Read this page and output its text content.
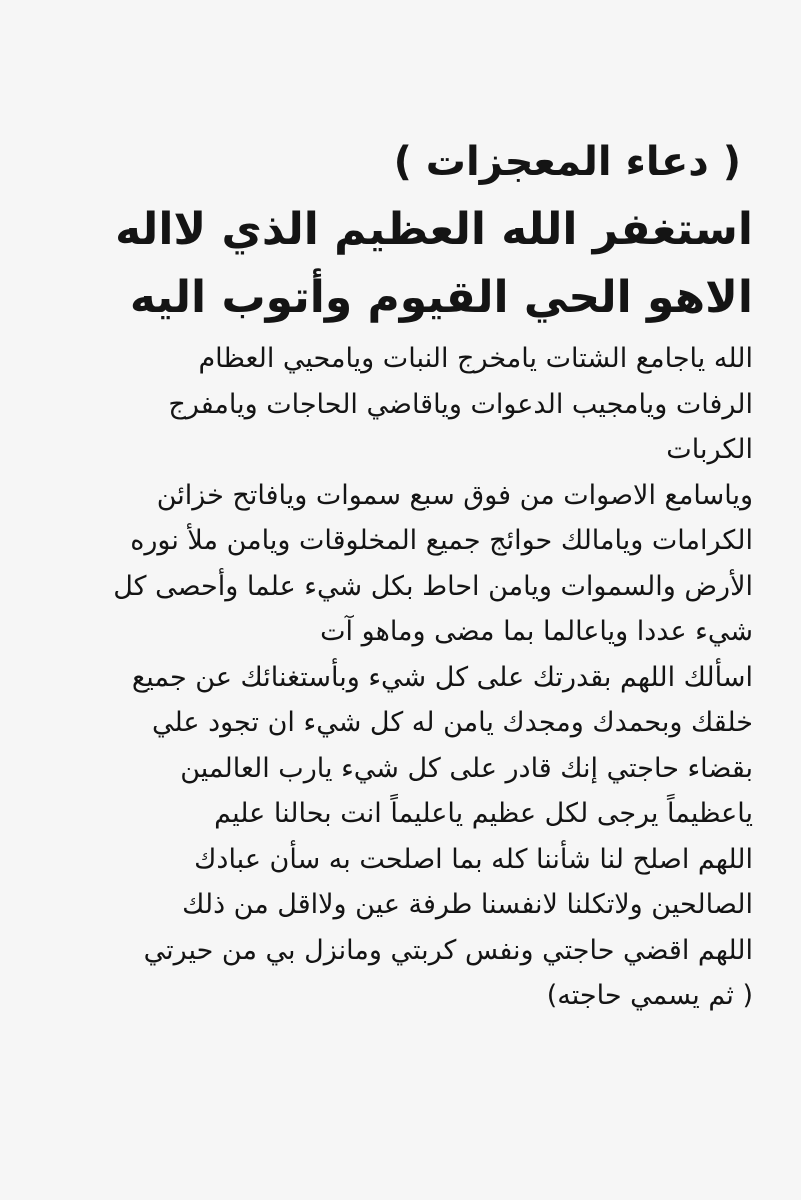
( دعاء المعجزات )
استغفر الله العظيم الذي لااله
الاهو الحي القيوم وأتوب اليه
الله ياجامع الشتات يامخرج النبات ويامحيي العظام
الرفات ويامجيب الدعوات وياقاضي الحاجات ويامفرج
الكربات
وياسامع الاصوات من فوق سبع سموات ويافاتح خزائن
الكرامات ويامالك حوائج جميع المخلوقات ويامن ملأ نوره
الأرض والسموات ويامن احاط بكل شيء علما وأحصى كل
شيء عددا وياعالما بما مضى وماهو آت
اسألك اللهم بقدرتك على كل شيء وبأستغنائك عن جميع
خلقك وبحمدك ومجدك يامن له كل شيء ان تجود علي
بقضاء حاجتي إنك قادر على كل شيء يارب العالمين
ياعظيماً يرجى لكل عظيم ياعليماً انت بحالنا عليم
اللهم اصلح لنا شأننا كله بما اصلحت به سأن عبادك
الصالحين ولاتكلنا لانفسنا طرفة عين ولااقل من ذلك
اللهم اقضي حاجتي ونفس كربتي ومانزل بي من حيرتي
( ثم يسمي حاجته)
